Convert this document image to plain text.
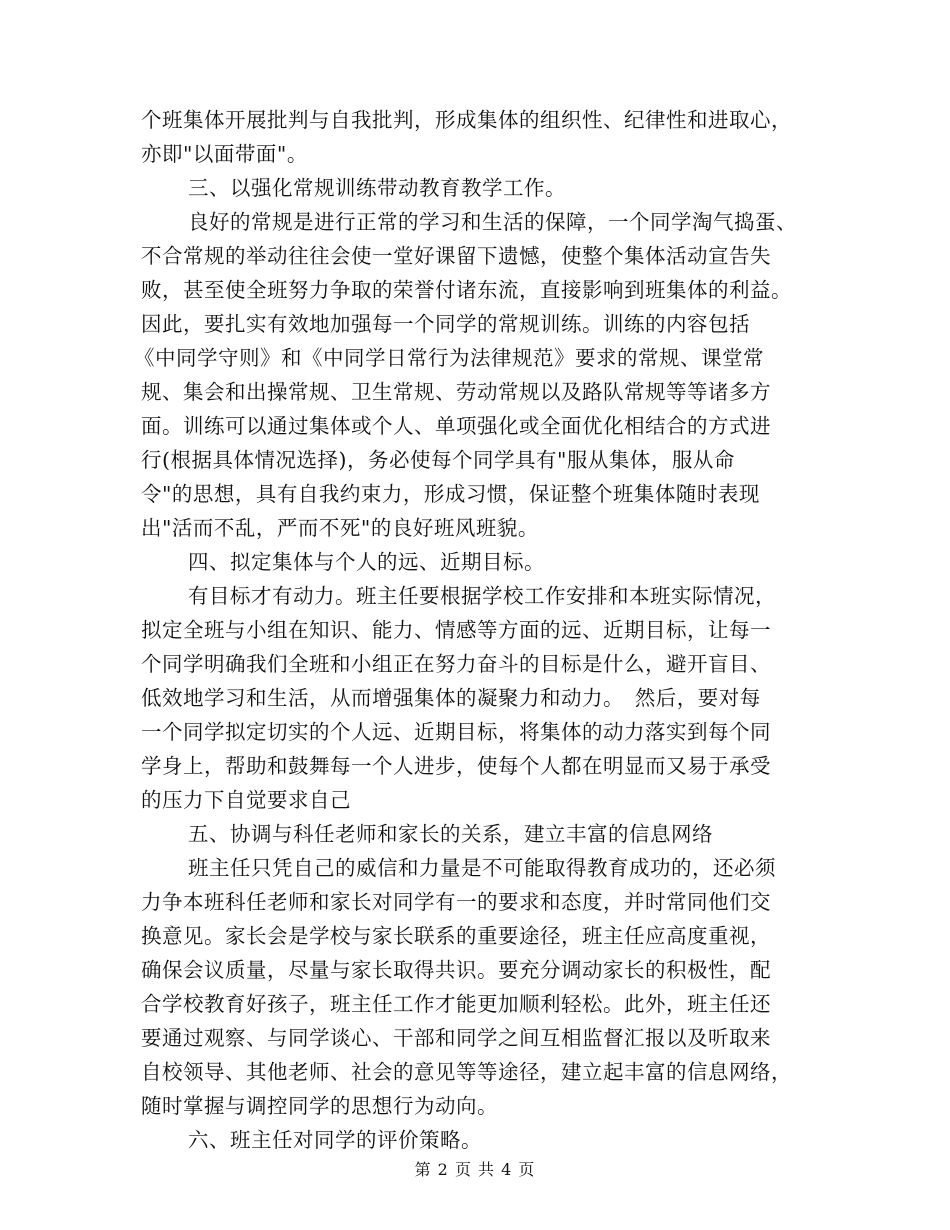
个班集体开展批判与自我批判，形成集体的组织性、纪律性和进取心，
亦即"以面带面"。
三、以强化常规训练带动教育教学工作。
良好的常规是进行正常的学习和生活的保障，一个同学淘气捣蛋、
不合常规的举动往往会使一堂好课留下遗憾，使整个集体活动宣告失
败，甚至使全班努力争取的荣誉付诸东流，直接影响到班集体的利益。
因此，要扎实有效地加强每一个同学的常规训练。训练的内容包括
《中同学守则》和《中同学日常行为法律规范》要求的常规、课堂常
规、集会和出操常规、卫生常规、劳动常规以及路队常规等等诸多方
面。训练可以通过集体或个人、单项强化或全面优化相结合的方式进
行(根据具体情况选择)，务必使每个同学具有"服从集体，服从命
令"的思想，具有自我约束力，形成习惯，保证整个班集体随时表现
出"活而不乱，严而不死"的良好班风班貌。
四、拟定集体与个人的远、近期目标。
有目标才有动力。班主任要根据学校工作安排和本班实际情况，
拟定全班与小组在知识、能力、情感等方面的远、近期目标，让每一
个同学明确我们全班和小组正在努力奋斗的目标是什么，避开盲目、
低效地学习和生活，从而增强集体的凝聚力和动力。　然后，要对每
一个同学拟定切实的个人远、近期目标，将集体的动力落实到每个同
学身上，帮助和鼓舞每一个人进步，使每个人都在明显而又易于承受
的压力下自觉要求自己
五、协调与科任老师和家长的关系，建立丰富的信息网络
班主任只凭自己的威信和力量是不可能取得教育成功的，还必须
力争本班科任老师和家长对同学有一的要求和态度，并时常同他们交
换意见。家长会是学校与家长联系的重要途径，班主任应高度重视，
确保会议质量，尽量与家长取得共识。要充分调动家长的积极性，配
合学校教育好孩子，班主任工作才能更加顺利轻松。此外，班主任还
要通过观察、与同学谈心、干部和同学之间互相监督汇报以及听取来
自校领导、其他老师、社会的意见等等途径，建立起丰富的信息网络，
随时掌握与调控同学的思想行为动向。
六、班主任对同学的评价策略。
第 2 页 共 4 页
